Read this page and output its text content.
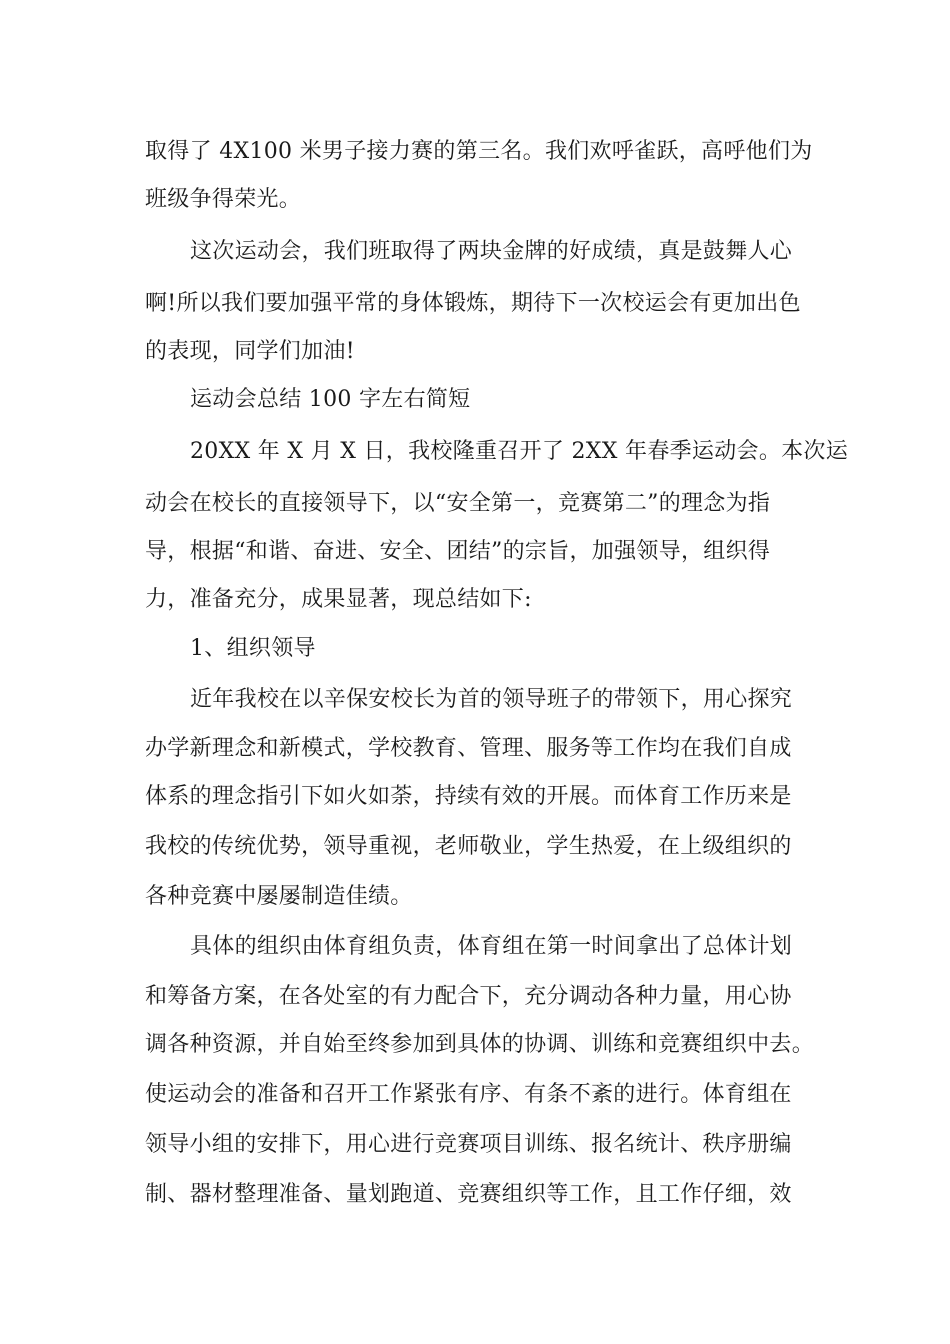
取得了 4X100 米男子接力赛的第三名。我们欢呼雀跃，高呼他们为
班级争得荣光。
这次运动会，我们班取得了两块金牌的好成绩，真是鼓舞人心
啊!所以我们要加强平常的身体锻炼，期待下一次校运会有更加出色
的表现，同学们加油!
运动会总结 100 字左右简短
20XX 年 X 月 X 日，我校隆重召开了 2XX 年春季运动会。本次运
动会在校长的直接领导下，以“安全第一，竞赛第二”的理念为指
导，根据“和谐、奋进、安全、团结”的宗旨，加强领导，组织得
力，准备充分，成果显著，现总结如下:
1、组织领导
近年我校在以辛保安校长为首的领导班子的带领下，用心探究
办学新理念和新模式，学校教育、管理、服务等工作均在我们自成
体系的理念指引下如火如荼，持续有效的开展。而体育工作历来是
我校的传统优势，领导重视，老师敬业，学生热爱，在上级组织的
各种竞赛中屡屡制造佳绩。
具体的组织由体育组负责，体育组在第一时间拿出了总体计划
和筹备方案，在各处室的有力配合下，充分调动各种力量，用心协
调各种资源，并自始至终参加到具体的协调、训练和竞赛组织中去。
使运动会的准备和召开工作紧张有序、有条不紊的进行。体育组在
领导小组的安排下，用心进行竞赛项目训练、报名统计、秩序册编
制、器材整理准备、量划跑道、竞赛组织等工作，且工作仔细，效
